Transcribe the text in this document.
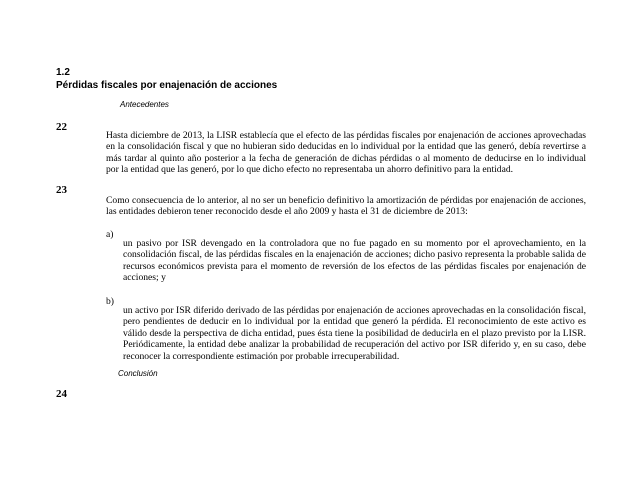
1.2
Pérdidas fiscales por enajenación de acciones
Antecedentes
22
Hasta diciembre de 2013, la LISR establecía que el efecto de las pérdidas fiscales por enajenación de acciones aprovechadas en la consolidación fiscal y que no hubieran sido deducidas en lo individual por la entidad que las generó, debía revertirse a más tardar al quinto año posterior a la fecha de generación de dichas pérdidas o al momento de deducirse en lo individual por la entidad que las generó, por lo que dicho efecto no representaba un ahorro definitivo para la entidad.
23
Como consecuencia de lo anterior, al no ser un beneficio definitivo la amortización de pérdidas por enajenación de acciones, las entidades debieron tener reconocido desde el año 2009 y hasta el 31 de diciembre de 2013:
a)
un pasivo por ISR devengado en la controladora que no fue pagado en su momento por el aprovechamiento, en la consolidación fiscal, de las pérdidas fiscales en la enajenación de acciones; dicho pasivo representa la probable salida de recursos económicos prevista para el momento de reversión de los efectos de las pérdidas fiscales por enajenación de acciones; y
b)
un activo por ISR diferido derivado de las pérdidas por enajenación de acciones aprovechadas en la consolidación fiscal, pero pendientes de deducir en lo individual por la entidad que generó la pérdida. El reconocimiento de este activo es válido desde la perspectiva de dicha entidad, pues ésta tiene la posibilidad de deducirla en el plazo previsto por la LISR. Periódicamente, la entidad debe analizar la probabilidad de recuperación del activo por ISR diferido y, en su caso, debe reconocer la correspondiente estimación por probable irrecuperabilidad.
Conclusión
24
